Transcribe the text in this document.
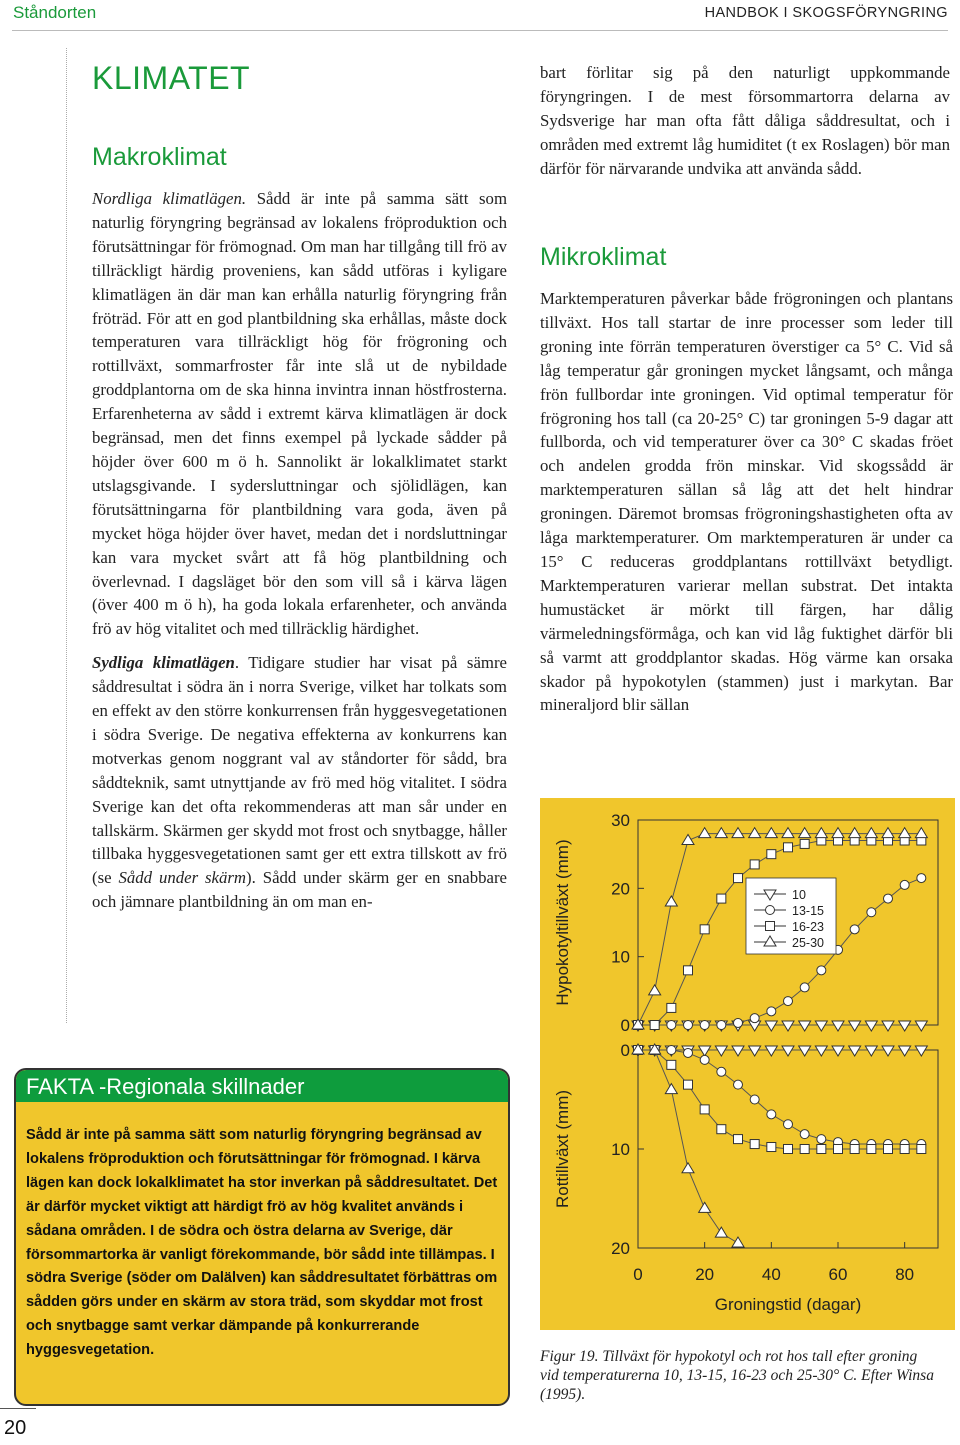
Ståndorten	HANDBOK I SKOGSFÖRYNGRING
KLIMATET
Makroklimat

Nordliga klimatlägen. Sådd är inte på samma sätt som naturlig föryngring begränsad av lokalens fröproduktion och förutsättningar för frömognad. Om man har tillgång till frö av tillräckligt härdig proveniens, kan sådd utföras i kyligare klimatlägen än där man kan erhålla naturlig föryngring från fröträd. För att en god plantbildning ska erhållas, måste dock temperaturen vara tillräckligt hög för frögroning och rottillväxt, sommarfroster får inte slå ut de nybildade groddplantorna om de ska hinna invintra innan höstfrosterna. Erfarenheterna av sådd i extremt kärva klimatlägen är dock begränsad, men det finns exempel på lyckade sådder på höjder över 600 m ö h. Sannolikt är lokalklimatet starkt utslagsgivande. I sydersluttningar och sjölidlägen, kan förutsättningarna för plantbildning vara goda, även på mycket höga höjder över havet, medan det i nordsluttningar kan vara mycket svårt att få hög plantbildning och överlevnad. I dagsläget bör den som vill så i kärva lägen (över 400 m ö h), ha goda lokala erfarenheter, och använda frö av hög vitalitet och med tillräcklig härdighet.

Sydliga klimatlägen. Tidigare studier har visat på sämre såddresultat i södra än i norra Sverige, vilket har tolkats som en effekt av den större konkurrensen från hyggesvegetationen i södra Sverige. De negativa effekterna av konkurrens kan motverkas genom noggrant val av ståndorter för sådd, bra såddteknik, samt utnyttjande av frö med hög vitalitet. I södra Sverige kan det ofta rekommenderas att man sår under en tallskärm. Skärmen ger skydd mot frost och snytbagge, håller tillbaka hyggesvegetationen samt ger ett extra tillskott av frö (se Sådd under skärm). Sådd under skärm ger en snabbare och jämnare plantbildning än om man en-

bart förlitar sig på den naturligt uppkommande föryngringen. I de mest försommartorra delarna av Sydsverige har man ofta fått dåliga såddresultat, och i områden med extremt låg humiditet (t ex Roslagen) bör man därför för närvarande undvika att använda sådd.

Mikroklimat

Marktemperaturen påverkar både frögroningen och plantans tillväxt. Hos tall startar de inre processer som leder till groning inte förrän temperaturen överstiger ca 5° C. Vid så låg temperatur går groningen mycket långsamt, och många frön fullbordar inte groningen. Vid optimal temperatur för frögroning hos tall (ca 20-25° C) tar groningen 5-9 dagar att fullborda, och vid temperaturer över ca 30° C skadas fröet och andelen grodda frön minskar. Vid skogssådd är marktemperaturen sällan så låg att det helt hindrar groningen. Däremot bromsas frögroningshastigheten ofta av låga marktemperaturer. Om marktemperaturen är under ca 15° C reduceras groddplantans rottillväxt betydligt. Marktemperaturen varierar mellan substrat. Det intakta humustäcket är mörkt till färgen, har dålig värmeledningsförmåga, och kan vid låg fuktighet därför bli så varmt att groddplantor skadas. Hög värme kan orsaka skador på hypokotylen (stammen) just i markytan. Bar mineraljord blir sällan

FAKTA -Regionala skillnader

Sådd är inte på samma sätt som naturlig föryngring begränsad av lokalens fröproduktion och förutsättningar för frömognad. I kärva lägen kan dock lokalklimatet ha stor inverkan på såddresultatet. Det är därför mycket viktigt att härdigt frö av hög kvalitet används i sådana områden. I de södra och östra delarna av Sverige, där försommartorka är vanligt förekommande, bör sådd inte tillämpas. I södra Sverige (söder om Dalälven) kan såddresultatet förbättras om sådden görs under en skärm av stora träd, som skyddar mot frost och snytbagge samt verkar dämpande på konkurrerande hyggesvegetation.

0
10
20
30
0
10
20
0	20	40	60	80
Hypokotyltillväxt (mm)
Rottillväxt (mm)
Groningstid (dagar)
10
13-15
16-23
25-30

Figur 19. Tillväxt för hypokotyl och rot hos tall efter groning vid temperaturerna 10, 13-15, 16-23 och 25-30° C. Efter Winsa (1995).

20
